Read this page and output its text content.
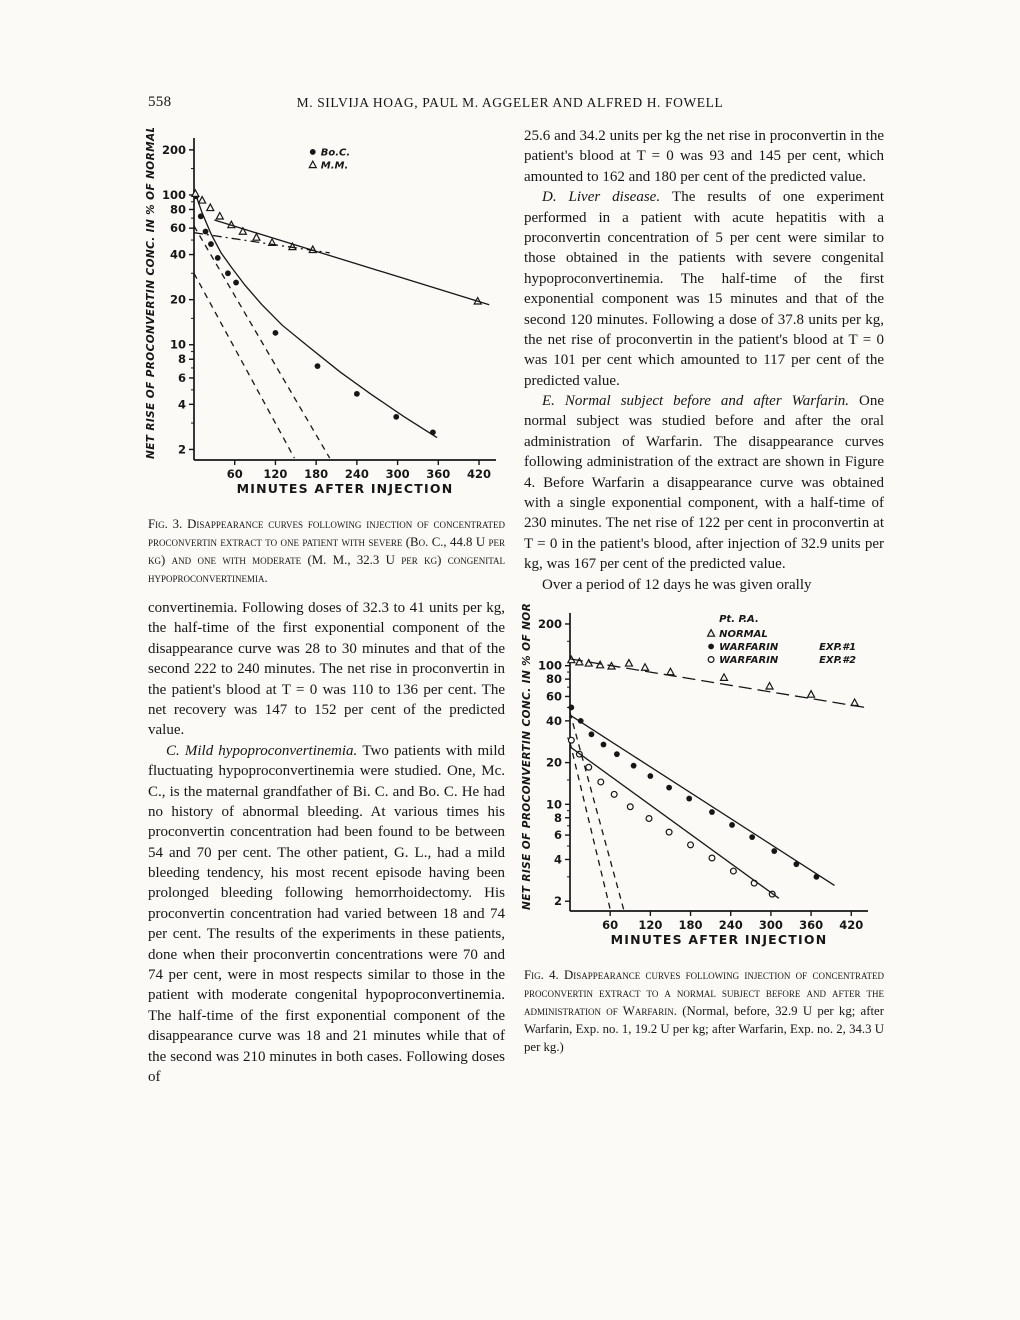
558	M. SILVIJA HOAG, PAUL M. AGGELER AND ALFRED H. FOWELL
200
100
80
60
40
20
10
8
6
4
2
60 120 180 240 300 360 420
MINUTES AFTER INJECTION
NET RISE OF PROCONVERTIN CONC. IN % OF NORMAL	Bo.C.
M.M.
Fig. 3. Disappearance curves following injection of concentrated proconvertin extract to one patient with severe (Bo. C., 44.8 U per kg) and one with moderate (M. M., 32.3 U per kg) congenital hypoproconvertinemia.

convertinemia. Following doses of 32.3 to 41 units per kg, the half-time of the first exponential component of the disappearance curve was 28 to 30 minutes and that of the second 222 to 240 minutes. The net rise in proconvertin in the patient's blood at T = 0 was 110 to 136 per cent. The net recovery was 147 to 152 per cent of the predicted value.

C. Mild hypoproconvertinemia. Two patients with mild fluctuating hypoproconvertinemia were studied. One, Mc. C., is the maternal grandfather of Bi. C. and Bo. C. He had no history of abnormal bleeding. At various times his proconvertin concentration had been found to be between 54 and 70 per cent. The other patient, G. L., had a mild bleeding tendency, his most recent episode having been prolonged bleeding following hemorrhoidectomy. His proconvertin concentration had varied between 18 and 74 per cent. The results of the experiments in these patients, done when their proconvertin concentrations were 70 and 74 per cent, were in most respects similar to those in the patient with moderate congenital hypoproconvertinemia. The half-time of the first exponential component of the disappearance curve was 18 and 21 minutes while that of the second was 210 minutes in both cases. Following doses of

25.6 and 34.2 units per kg the net rise in proconvertin in the patient's blood at T = 0 was 93 and 145 per cent, which amounted to 162 and 180 per cent of the predicted value.

D. Liver disease. The results of one experiment performed in a patient with acute hepatitis with a proconvertin concentration of 5 per cent were similar to those obtained in the patients with severe congenital hypoproconvertinemia. The half-time of the first exponential component was 15 minutes and that of the second 120 minutes. Following a dose of 37.8 units per kg, the net rise of proconvertin in the patient's blood at T = 0 was 101 per cent which amounted to 117 per cent of the predicted value.

E. Normal subject before and after Warfarin. One normal subject was studied before and after the oral administration of Warfarin. The disappearance curves following administration of the extract are shown in Figure 4. Before Warfarin a disappearance curve was obtained with a single exponential component, with a half-time of 230 minutes. The net rise of 122 per cent in proconvertin at T = 0 in the patient's blood, after injection of 32.9 units per kg, was 167 per cent of the predicted value.

Over a period of 12 days he was given orally

200
100
80
60
40
20
10
8
6
4
2
60 120 180 240 300 360 420
MINUTES AFTER INJECTION
NET RISE OF PROCONVERTIN CONC. IN % OF NORMAL	Pt. P.A.
NORMAL
WARFARIN	EXP.#1
WARFARIN	EXP.#2
Fig. 4. Disappearance curves following injection of concentrated proconvertin extract to a normal subject before and after the administration of Warfarin. (Normal, before, 32.9 U per kg; after Warfarin, Exp. no. 1, 19.2 U per kg; after Warfarin, Exp. no. 2, 34.3 U per kg.)
